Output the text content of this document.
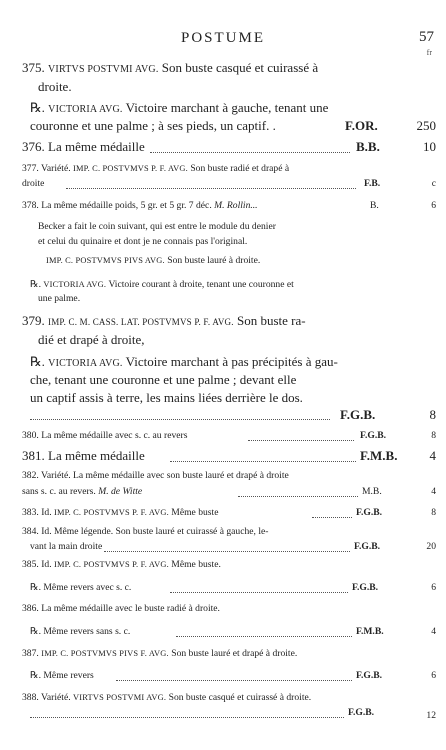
POSTUME	57
fr
375. VIRTVS POSTVMI AVG. Son buste casqué et cuirassé à
droite.
℞. VICTORIA AVG. Victoire marchant à gauche, tenant une
couronne et une palme ; à ses pieds, un captif. .	F.OR.	250
376. La même médaille	B.B.	10
377. Variété. IMP. C. POSTVMVS P. F. AVG. Son buste radié et drapé à
droite	F.B.	c
378. La même médaille poids, 5 gr. et 5 gr. 7 déc. M. Rollin...	B.	6
Becker a fait le coin suivant, qui est entre le module du denier
et celui du quinaire et dont je ne connais pas l'original.
IMP. C. POSTVMVS PIVS AVG. Son buste lauré à droite.
℞. VICTORIA AVG. Victoire courant à droite, tenant une couronne et
une palme.
379. IMP. C. M. CASS. LAT. POSTVMVS P. F. AVG. Son buste ra-
dié et drapé à droite,
℞. VICTORIA AVG. Victoire marchant à pas précipités à gau-
che, tenant une couronne et une palme ; devant elle
un captif assis à terre, les mains liées derrière le dos.
F.G.B.	8
380. La même médaille avec s. c. au revers	F.G.B.	8
381. La même médaille	F.M.B. 4
382. Variété. La même médaille avec son buste lauré et drapé à droite
sans s. c. au revers. M. de Witte	M.B.	4
383. Id. IMP. C. POSTVMVS P. F. AVG. Même buste	F.G.B.	8
384. Id. Même légende. Son buste lauré et cuirassé à gauche, le-
vant la main droite	F.G.B.	20
385. Id. IMP. C. POSTVMVS P. F. AVG. Même buste.
℞. Même revers avec s. c.	F.G.B.	6
386. La même médaille avec le buste radié à droite.
℞. Même revers sans s. c.	F.M.B.	4
387. IMP. C. POSTVMVS PIVS F. AVG. Son buste lauré et drapé à droite.
℞. Même revers	F.G.B.	6
388. Variété. VIRTVS POSTVMI AVG. Son buste casqué et cuirassé à droite.
F.G.B.	12
